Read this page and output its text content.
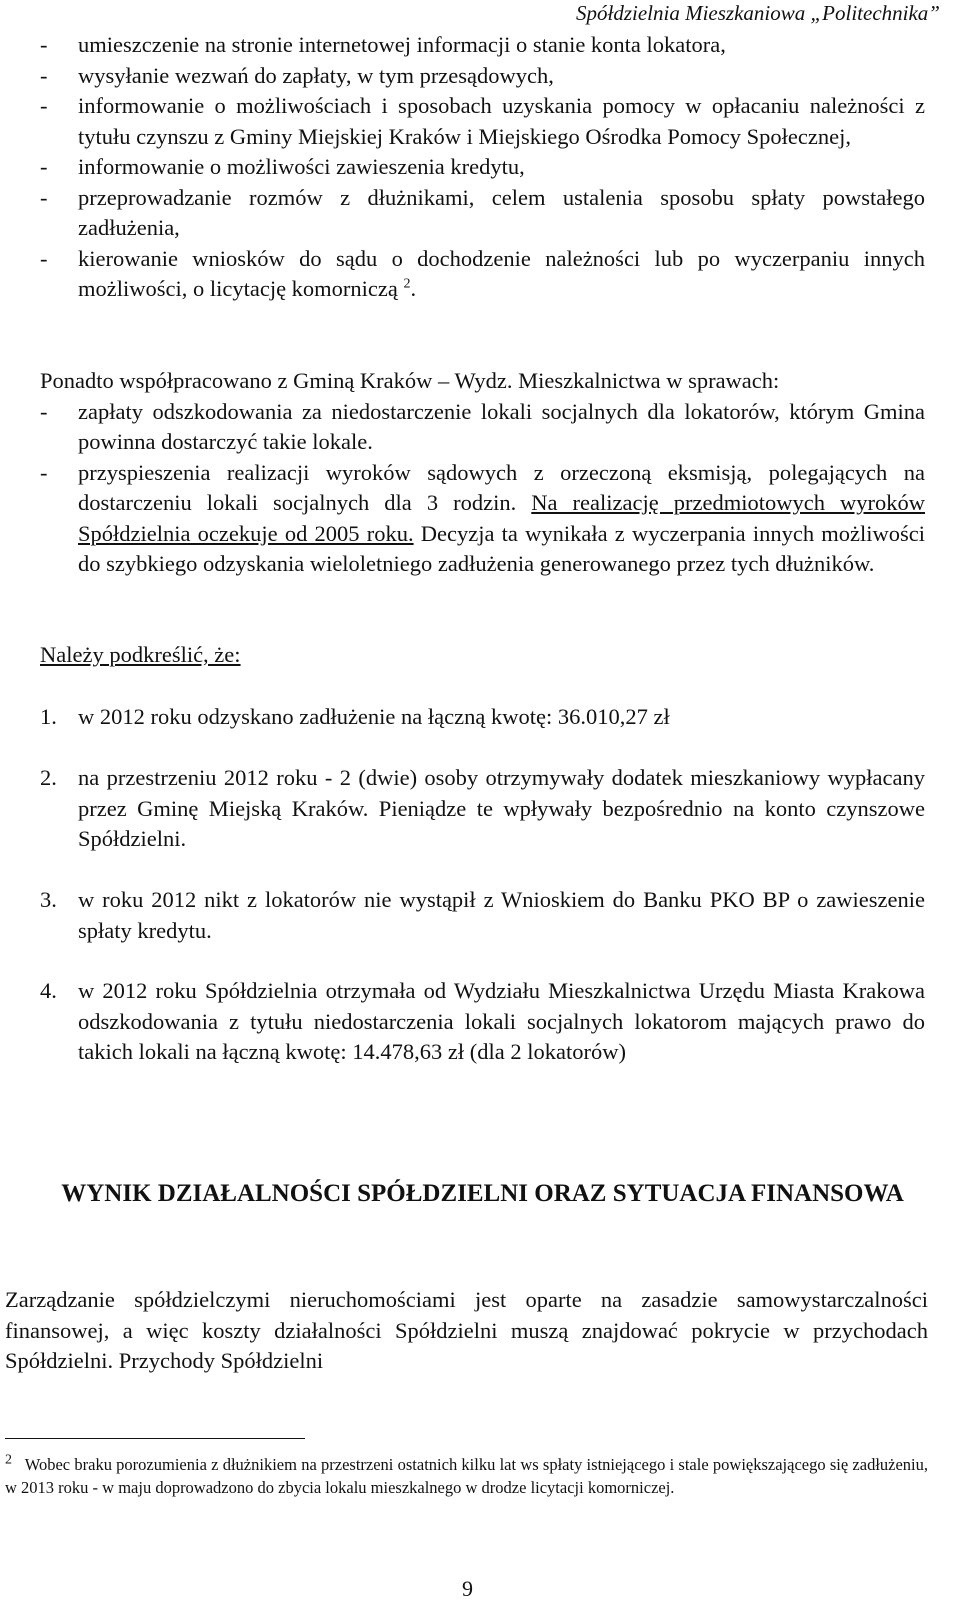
Spółdzielnia Mieszkaniowa „Politechnika”
- umieszczenie na stronie internetowej informacji o stanie konta lokatora,
- wysyłanie wezwań do zapłaty, w tym przesądowych,
- informowanie o możliwościach i sposobach uzyskania pomocy w opłacaniu należności z tytułu czynszu z Gminy Miejskiej Kraków i Miejskiego Ośrodka Pomocy Społecznej,
- informowanie o możliwości zawieszenia kredytu,
- przeprowadzanie rozmów z dłużnikami, celem ustalenia sposobu spłaty powstałego zadłużenia,
- kierowanie wniosków do sądu o dochodzenie należności lub po wyczerpaniu innych możliwości, o licytację komorniczą $^2$.
Ponadto współpracowano z Gminą Kraków – Wydz. Mieszkalnictwa w sprawach:
- zapłaty odszkodowania za niedostarczenie lokali socjalnych dla lokatorów, którym Gmina powinna dostarczyć takie lokale.
- przyspieszenia realizacji wyroków sądowych z orzeczoną eksmisją, polegających na dostarczeniu lokali socjalnych dla 3 rodzin. Na realizację przedmiotowych wyroków Spółdzielnia oczekuje od 2005 roku. Decyzja ta wynikała z wyczerpania innych możliwości do szybkiego odzyskania wieloletniego zadłużenia generowanego przez tych dłużników.
Należy podkreślić, że:
1. w 2012 roku odzyskano zadłużenie na łączną kwotę: 36.010,27 zł
2. na przestrzeniu 2012 roku - 2 (dwie) osoby otrzymywały dodatek mieszkaniowy wypłacany przez Gminę Miejską Kraków. Pieniądze te wpływały bezpośrednio na konto czynszowe Spółdzielni.
3. w roku 2012 nikt z lokatorów nie wystąpił z Wnioskiem do Banku PKO BP o zawieszenie spłaty kredytu.
4. w 2012 roku Spółdzielnia otrzymała od Wydziału Mieszkalnictwa Urzędu Miasta Krakowa odszkodowania z tytułu niedostarczenia lokali socjalnych lokatorom mających prawo do takich lokali na łączną kwotę: 14.478,63 zł (dla 2 lokatorów)
WYNIK DZIAŁALNOŚCI SPÓŁDZIELNI ORAZ SYTUACJA FINANSOWA
Zarządzanie spółdzielczymi nieruchomościami jest oparte na zasadzie samowystarczalności finansowej, a więc koszty działalności Spółdzielni muszą znajdować pokrycie w przychodach Spółdzielni. Przychody Spółdzielni
$^2$ Wobec braku porozumienia z dłużnikiem na przestrzeni ostatnich kilku lat ws spłaty istniejącego i stale powiększającego się zadłużeniu, w 2013 roku - w maju doprowadzono do zbycia lokalu mieszkalnego w drodze licytacji komorniczej.
9
